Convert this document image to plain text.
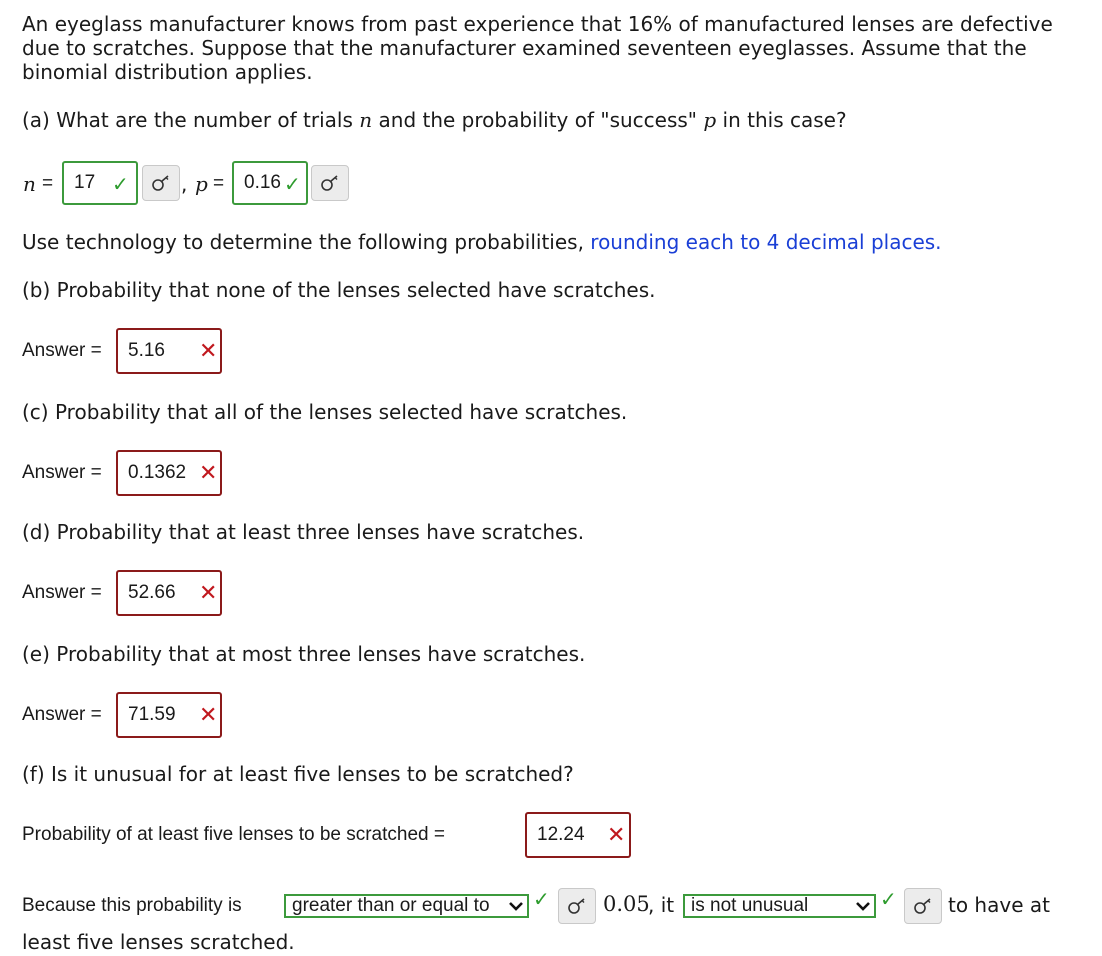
An eyeglass manufacturer knows from past experience that 16% of manufactured lenses are defective due to scratches. Suppose that the manufacturer examined seventeen eyeglasses. Assume that the binomial distribution applies.
(a) What are the number of trials n and the probability of "success" p in this case?
n = 17 ✓	, p = 0.16 ✓
Use technology to determine the following probabilities, rounding each to 4 decimal places.
(b) Probability that none of the lenses selected have scratches.
Answer = 5.16 ✕
(c) Probability that all of the lenses selected have scratches.
Answer = 0.1362 ✕
(d) Probability that at least three lenses have scratches.
Answer = 52.66 ✕
(e) Probability that at most three lenses have scratches.
Answer = 71.59 ✕
(f) Is it unusual for at least five lenses to be scratched?
Probability of at least five lenses to be scratched =	12.24 ✕
Because this probability is	greater than or equal to ✓	0.05
, it is not unusual	✓	to have at
least five lenses scratched.
